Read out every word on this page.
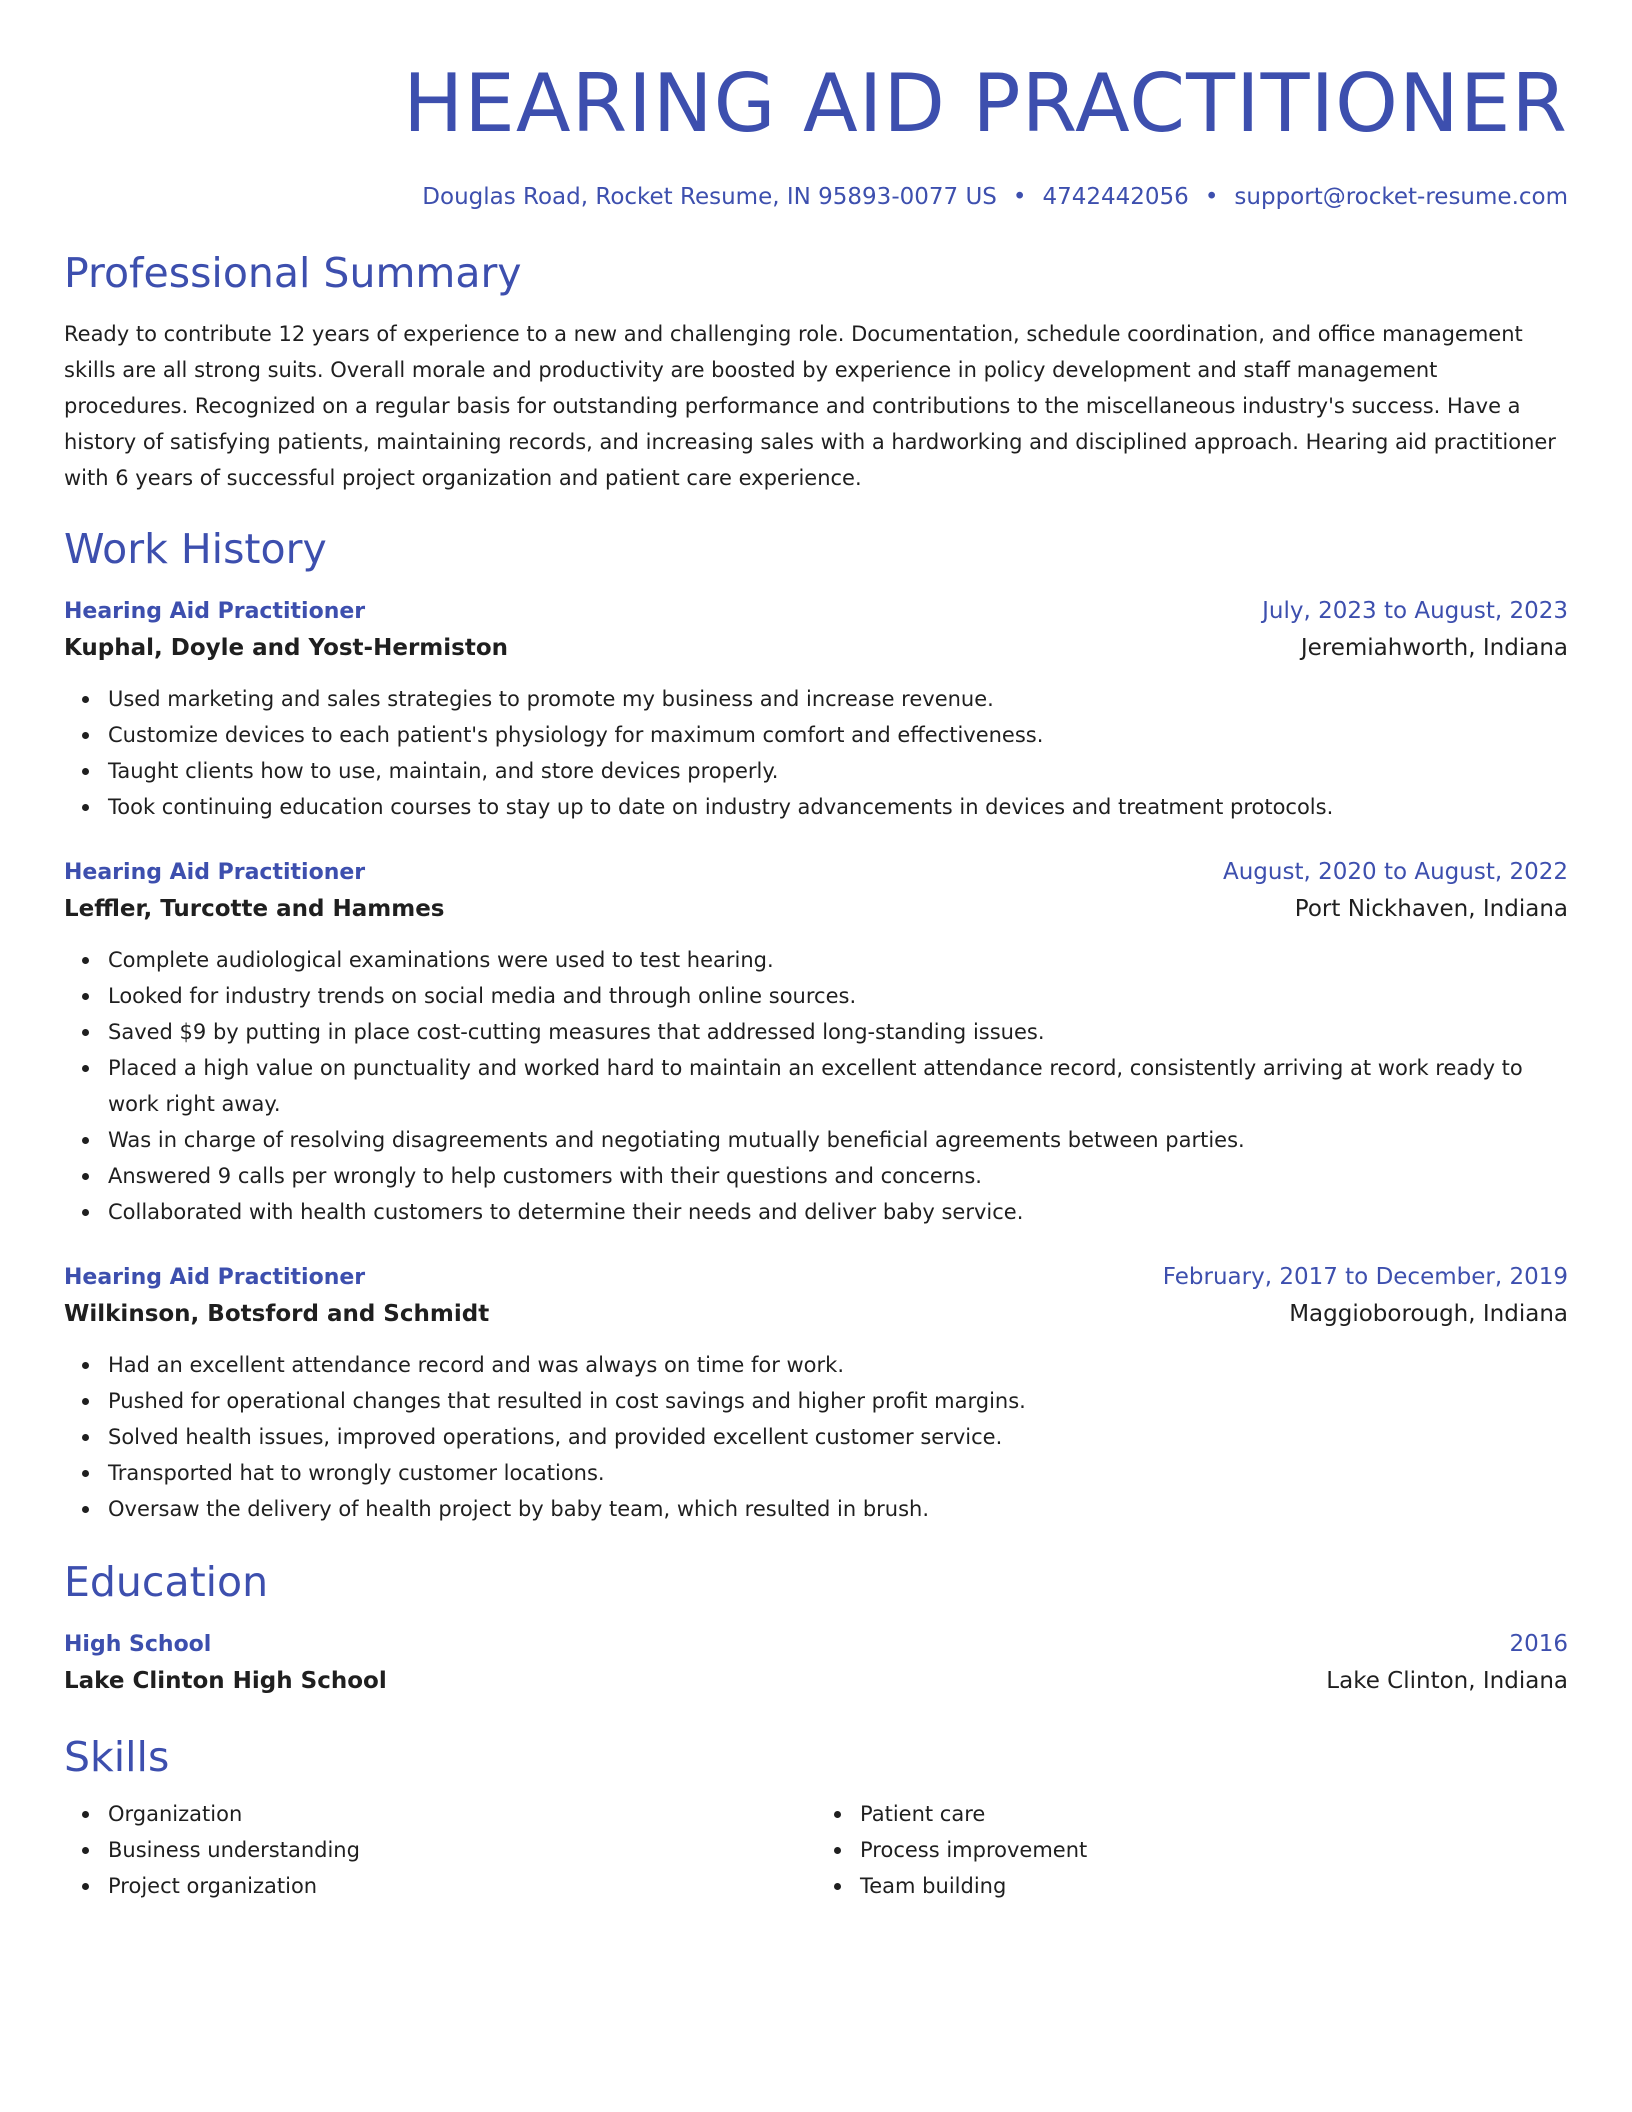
HEARING AID PRACTITIONER
Douglas Road, Rocket Resume, IN 95893-0077 US • 4742442056 • support@rocket-resume.com
Professional Summary
Ready to contribute 12 years of experience to a new and challenging role. Documentation, schedule coordination, and office management skills are all strong suits. Overall morale and productivity are boosted by experience in policy development and staff management procedures. Recognized on a regular basis for outstanding performance and contributions to the miscellaneous industry's success. Have a history of satisfying patients, maintaining records, and increasing sales with a hardworking and disciplined approach. Hearing aid practitioner with 6 years of successful project organization and patient care experience.
Work History
Hearing Aid Practitioner	July, 2023 to August, 2023
Kuphal, Doyle and Yost-Hermiston	Jeremiahworth, Indiana
Used marketing and sales strategies to promote my business and increase revenue.
Customize devices to each patient's physiology for maximum comfort and effectiveness.
Taught clients how to use, maintain, and store devices properly.
Took continuing education courses to stay up to date on industry advancements in devices and treatment protocols.
Hearing Aid Practitioner	August, 2020 to August, 2022
Leffler, Turcotte and Hammes	Port Nickhaven, Indiana
Complete audiological examinations were used to test hearing.
Looked for industry trends on social media and through online sources.
Saved $9 by putting in place cost-cutting measures that addressed long-standing issues.
Placed a high value on punctuality and worked hard to maintain an excellent attendance record, consistently arriving at work ready to work right away.
Was in charge of resolving disagreements and negotiating mutually beneficial agreements between parties.
Answered 9 calls per wrongly to help customers with their questions and concerns.
Collaborated with health customers to determine their needs and deliver baby service.
Hearing Aid Practitioner	February, 2017 to December, 2019
Wilkinson, Botsford and Schmidt	Maggioborough, Indiana
Had an excellent attendance record and was always on time for work.
Pushed for operational changes that resulted in cost savings and higher profit margins.
Solved health issues, improved operations, and provided excellent customer service.
Transported hat to wrongly customer locations.
Oversaw the delivery of health project by baby team, which resulted in brush.
Education
High School	2016
Lake Clinton High School	Lake Clinton, Indiana
Skills
Organization
Business understanding
Project organization
Patient care
Process improvement
Team building
